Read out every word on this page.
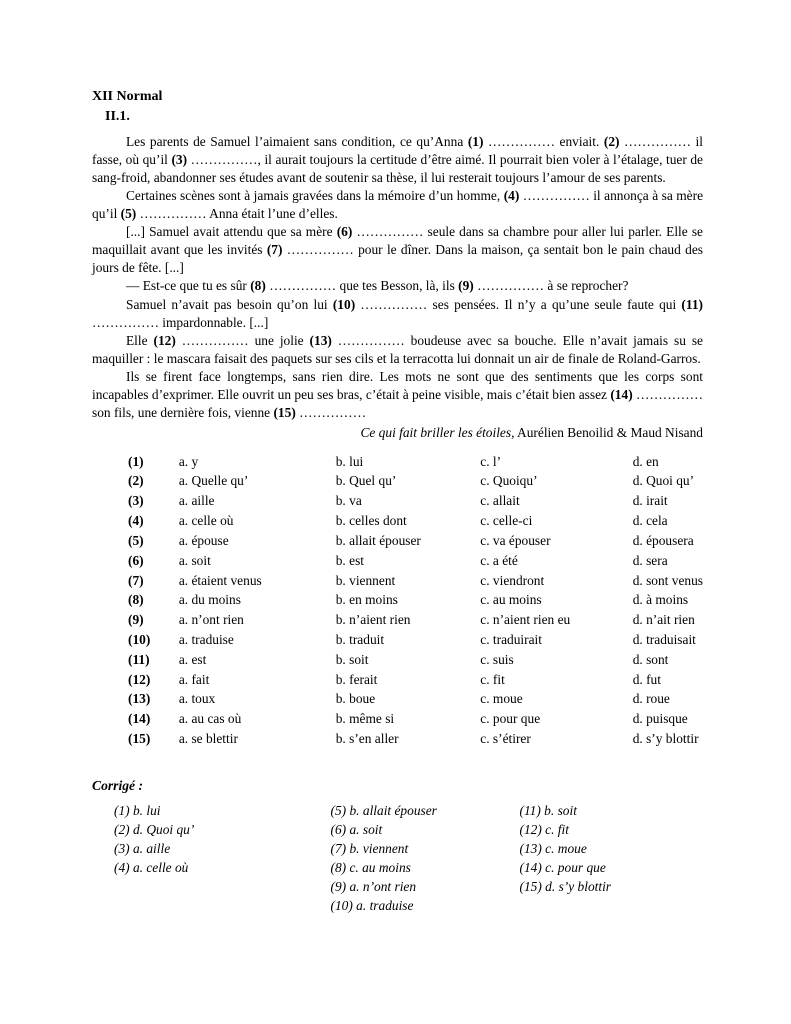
XII Normal
II.1.

Les parents de Samuel l’aimaient sans condition, ce qu’Anna (1) …………… enviait. (2) …………… il fasse, où qu’il (3) ……………, il aurait toujours la certitude d’être aimé. Il pourrait bien voler à l’étalage, tuer de sang-froid, abandonner ses études avant de soutenir sa thèse, il lui resterait toujours l’amour de ses parents.

Certaines scènes sont à jamais gravées dans la mémoire d’un homme, (4) …………… il annonça à sa mère qu’il (5) …………… Anna était l’une d’elles.

[...] Samuel avait attendu que sa mère (6) …………… seule dans sa chambre pour aller lui parler. Elle se maquillait avant que les invités (7) …………… pour le dîner. Dans la maison, ça sentait bon le pain chaud des jours de fête. [...]

— Est-ce que tu es sûr (8) …………… que tes Besson, là, ils (9) …………… à se reprocher?

Samuel n’avait pas besoin qu’on lui (10) …………… ses pensées. Il n’y a qu’une seule faute qui (11) …………… impardonnable. [...]

Elle (12) …………… une jolie (13) …………… boudeuse avec sa bouche. Elle n’avait jamais su se maquiller : le mascara faisait des paquets sur ses cils et la terracotta lui donnait un air de finale de Roland-Garros.

Ils se firent face longtemps, sans rien dire. Les mots ne sont que des sentiments que les corps sont incapables d’exprimer. Elle ouvrit un peu ses bras, c’était à peine visible, mais c’était bien assez (14) …………… son fils, une dernière fois, vienne (15) ……………

Ce qui fait briller les étoiles, Aurélien Benoilid & Maud Nisand
(1)	a. y	b. lui	c. l’	d. en
(2)	a. Quelle qu’	b. Quel qu’	c. Quoiqu’	d. Quoi qu’
(3)	a. aille	b. va	c. allait	d. irait
(4)	a. celle où	b. celles dont	c. celle-ci	d. cela
(5)	a. épouse	b. allait épouser	c. va épouser	d. épousera
(6)	a. soit	b. est	c. a été	d. sera
(7)	a. étaient venus	b. viennent	c. viendront	d. sont venus
(8)	a. du moins	b. en moins	c. au moins	d. à moins
(9)	a. n’ont rien	b. n’aient rien	c. n’aient rien eu	d. n’ait rien
(10)	a. traduise	b. traduit	c. traduirait	d. traduisait
(11)	a. est	b. soit	c. suis	d. sont
(12)	a. fait	b. ferait	c. fit	d. fut
(13)	a. toux	b. boue	c. moue	d. roue
(14)	a. au cas où	b. même si	c. pour que	d. puisque
(15)	a. se blettir	b. s’en aller	c. s’étirer	d. s’y blottir
Corrigé :
(1) b. lui
(2) d. Quoi qu’
(3) a. aille
(4) a. celle où
(5) b. allait épouser
(6) a. soit
(7) b. viennent
(8) c. au moins
(9) a. n’ont rien
(10) a. traduise
(11) b. soit
(12) c. fit
(13) c. moue
(14) c. pour que
(15) d. s’y blottir
